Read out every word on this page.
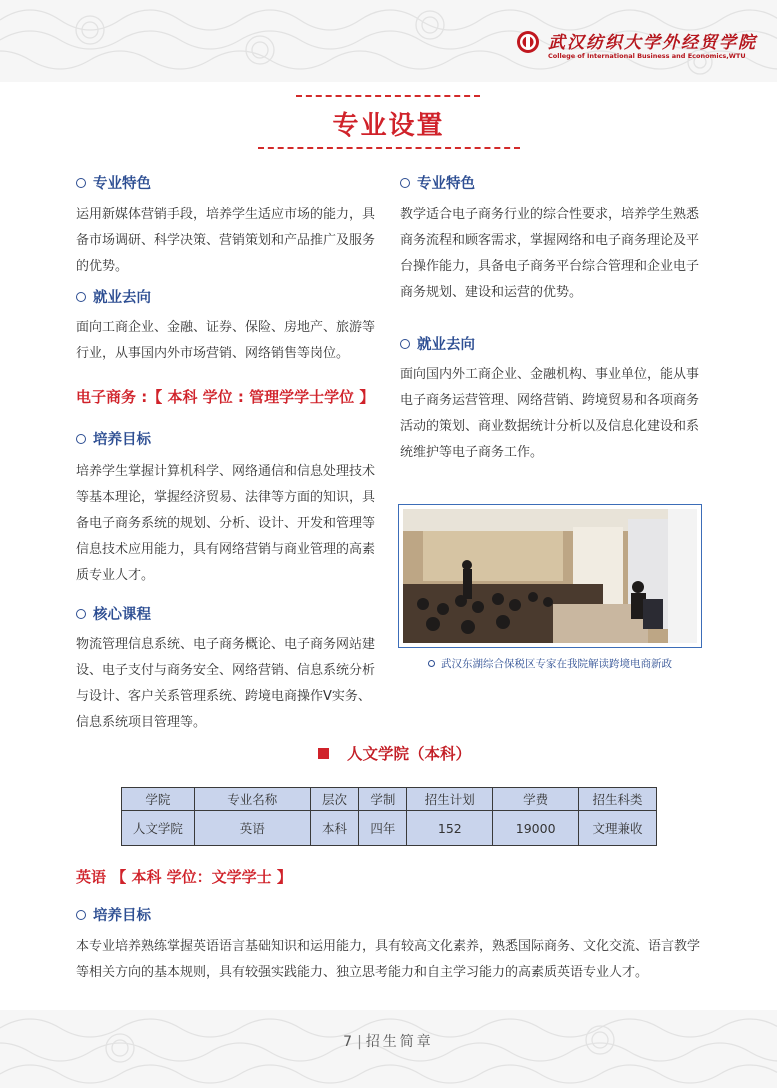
武汉纺织大学外经贸学院
College of International Business and Economics,WTU
专业设置
专业特色
运用新媒体营销手段，培养学生适应市场的能力，具备市场调研、科学决策、营销策划和产品推广及服务的优势。
就业去向
面向工商企业、金融、证券、保险、房地产、旅游等行业，从事国内外市场营销、网络销售等岗位。
电子商务 :【 本科 学位 : 管理学学士学位 】
培养目标
培养学生掌握计算机科学、网络通信和信息处理技术等基本理论，掌握经济贸易、法律等方面的知识，具备电子商务系统的规划、分析、设计、开发和管理等信息技术应用能力，具有网络营销与商业管理的高素质专业人才。
核心课程
物流管理信息系统、电子商务概论、电子商务网站建设、电子支付与商务安全、网络营销、信息系统分析与设计、客户关系管理系统、跨境电商操作Ⅴ实务、信息系统项目管理等。
专业特色
教学适合电子商务行业的综合性要求，培养学生熟悉商务流程和顾客需求，掌握网络和电子商务理论及平台操作能力，具备电子商务平台综合管理和企业电子商务规划、建设和运营的优势。
就业去向
面向国内外工商企业、金融机构、事业单位，能从事电子商务运营管理、网络营销、跨境贸易和各项商务活动的策划、商业数据统计分析以及信息化建设和系统维护等电子商务工作。
武汉东湖综合保税区专家在我院解读跨境电商新政
人文学院（本科）
学院	专业名称	层次	学制	招生计划	学费	招生科类
人文学院	英语	本科	四年	152	19000	文理兼收
英语 【 本科 学位：文学学士 】
培养目标
本专业培养熟练掌握英语语言基础知识和运用能力，具有较高文化素养，熟悉国际商务、文化交流、语言教学等相关方向的基本规则，具有较强实践能力、独立思考能力和自主学习能力的高素质英语专业人才。
7 | 招生简章
